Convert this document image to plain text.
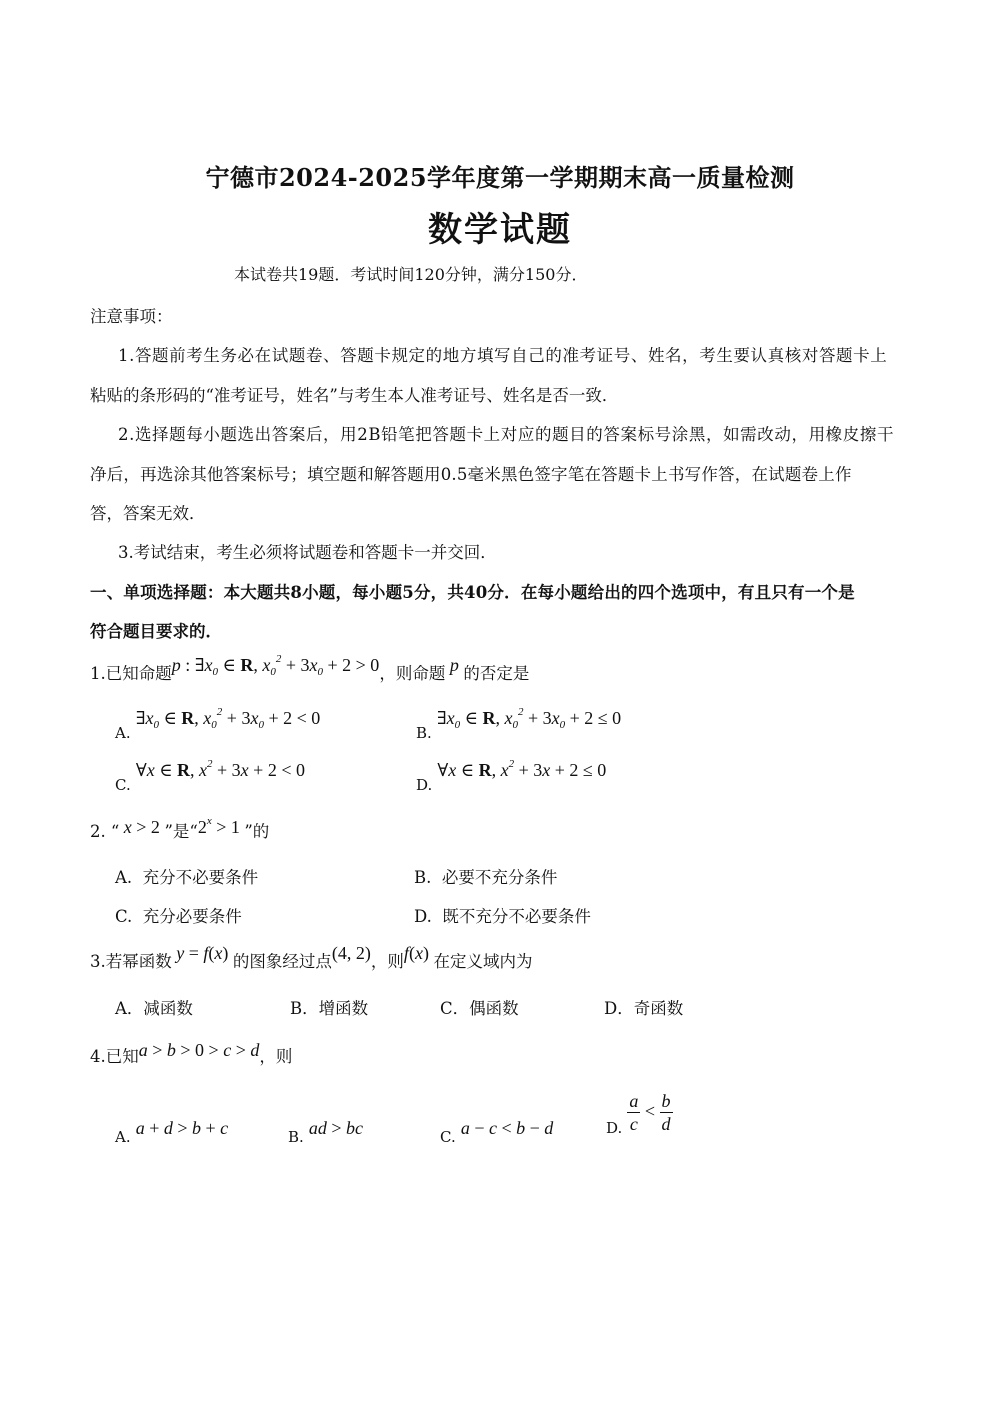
宁德市2024-2025学年度第一学期期末高一质量检测
数学试题
本试卷共19题．考试时间120分钟，满分150分．
注意事项：
1.答题前考生务必在试题卷、答题卡规定的地方填写自己的准考证号、姓名，考生要认真核对答题卡上
粘贴的条形码的“准考证号，姓名”与考生本人准考证号、姓名是否一致．
2.选择题每小题选出答案后，用2B铅笔把答题卡上对应的题目的答案标号涂黑，如需改动，用橡皮擦干
净后，再选涂其他答案标号；填空题和解答题用0.5毫米黑色签字笔在答题卡上书写作答，在试题卷上作
答，答案无效．
3.考试结束，考生必须将试题卷和答题卡一并交回．
一、单项选择题：本大题共8小题，每小题5分，共40分．在每小题给出的四个选项中，有且只有一个是
符合题目要求的．
1.已知命题p : $\exists x_0$ ∈ R, $x_0^2 + 3x_0 + 2 > 0$，则命题 p 的否定是
A. $\exists x_0$ ∈ R, $x_0^2 + 3x_0 + 2 < 0$
B. $\exists x_0$ ∈ R, $x_0^2 + 3x_0 + 2 \le 0$
C. ∀x ∈ R, $x^2 + 3x + 2 < 0$
D. ∀x ∈ R, $x^2 + 3x + 2 \le 0$
2. “ x > 2 ”是“$2^x > 1$ ”的
A. 充分不必要条件	B. 必要不充分条件
C. 充分必要条件	D. 既不充分不必要条件
3.若幂函数 y = f(x) 的图象经过点(4, 2)，则f(x) 在定义域内为
A．减函数	B．增函数	C．偶函数	D．奇函数
4.已知a > b > 0 > c > d，则
A. a + d > b + c	B. ad > bc	C. a − c < b − d	D. $\frac{a}{c} < \frac{b}{d}$
